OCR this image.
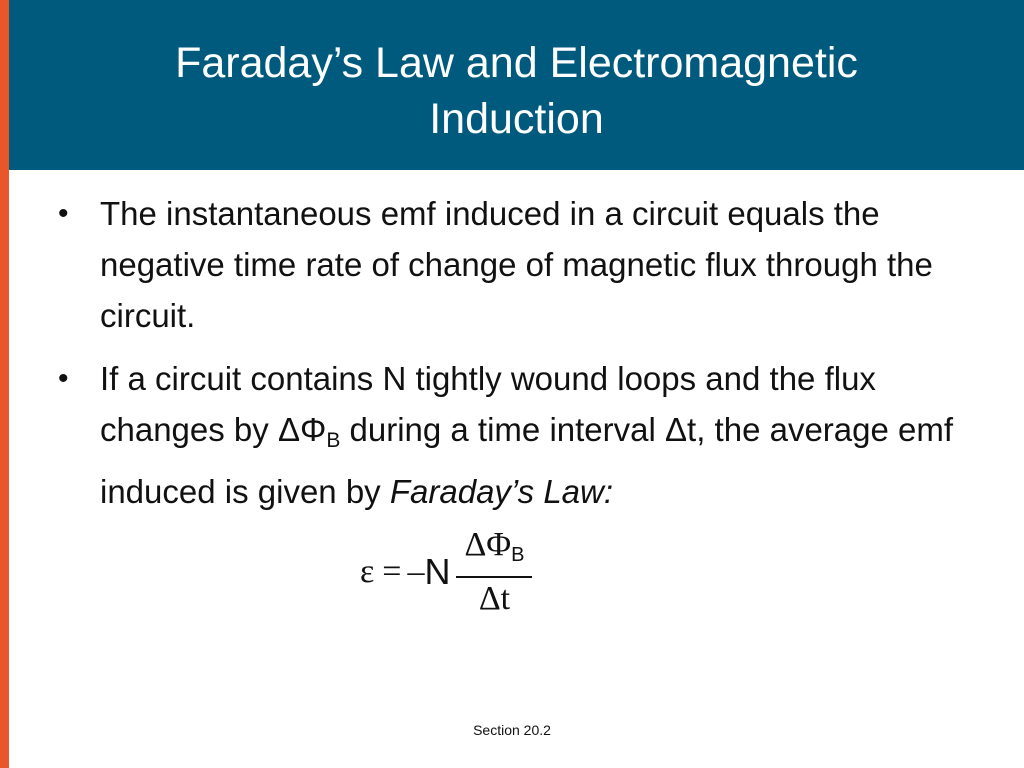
Faraday’s Law and Electromagnetic Induction
• The instantaneous emf induced in a circuit equals the negative time rate of change of magnetic flux through the circuit.
• If a circuit contains N tightly wound loops and the flux changes by $\Delta\Phi_B$ during a time interval Δt, the average emf induced is given by Faraday’s Law:
ε = – N $\frac{\text{ΔΦB}}{\Delta t}$
Section 20.2
